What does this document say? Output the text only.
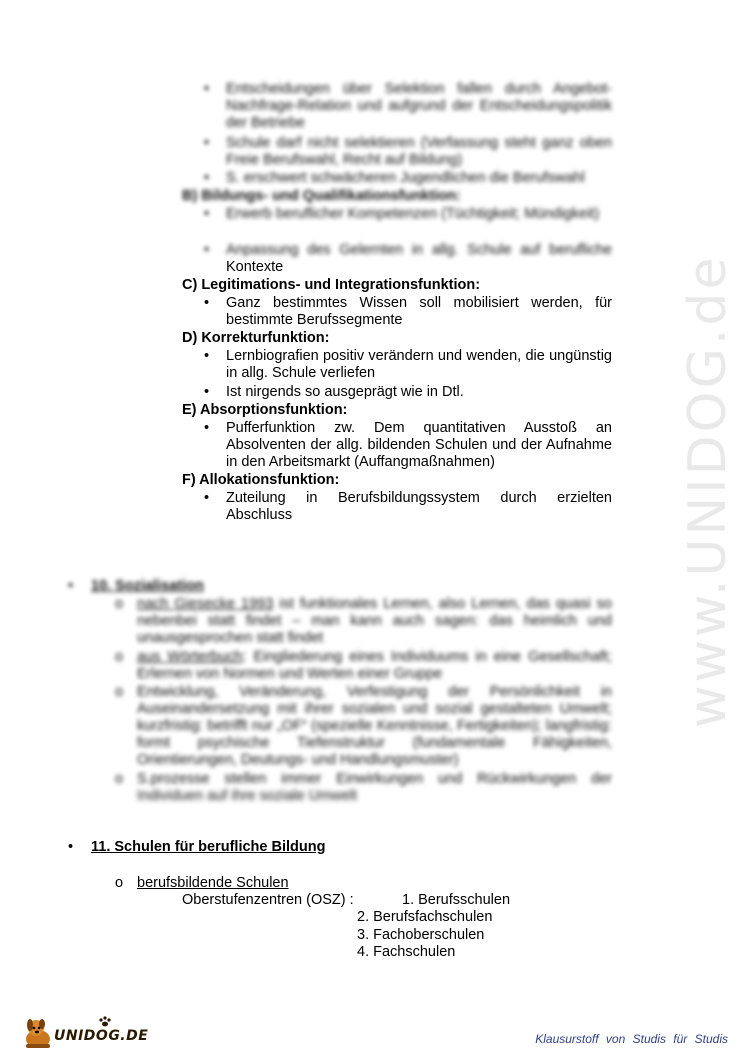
www.UNIDOG.de
• Entscheidungen über Selektion fallen durch Angebot-Nachfrage-Relation und aufgrund der Entscheidungspolitik der Betriebe
• Schule darf nicht selektieren (Verfassung steht ganz oben Freie Berufswahl, Recht auf Bildung)
• S. erschwert schwächeren Jugendlichen die Berufswahl
B) Bildungs- und Qualifikationsfunktion:
• Erwerb beruflicher Kompetenzen (Tüchtigkeit; Mündigkeit)
• Anpassung des Gelernten in allg. Schule auf berufliche
Kontexte
C) Legitimations- und Integrationsfunktion:
• Ganz bestimmtes Wissen soll mobilisiert werden, für bestimmte Berufssegmente
D) Korrekturfunktion:
• Lernbiografien positiv verändern und wenden, die ungünstig in allg. Schule verliefen
• Ist nirgends so ausgeprägt wie in Dtl.
E) Absorptionsfunktion:
• Pufferfunktion zw. Dem quantitativen Ausstoß an Absolventen der allg. bildenden Schulen und der Aufnahme in den Arbeitsmarkt (Auffangmaßnahmen)
F) Allokationsfunktion:
• Zuteilung in Berufsbildungssystem durch erzielten Abschluss
• 10. Sozialisation
o nach Giesecke 1993 ist funktionales Lernen, also Lernen, das quasi so nebenbei statt findet – man kann auch sagen: das heimlich und unausgesprochen statt findet
o aus Wörterbuch: Eingliederung eines Individuums in eine Gesellschaft; Erlernen von Normen und Werten einer Gruppe
o Entwicklung, Veränderung, Verfestigung der Persönlichkeit in Auseinandersetzung mit ihrer sozialen und sozial gestalteten Umwelt; kurzfristig: betrifft nur „OF“ (spezielle Kenntnisse, Fertigkeiten); langfristig: formt psychische Tiefenstruktur (fundamentale Fähigkeiten, Orientierungen, Deutungs- und Handlungsmuster)
o S.prozesse stellen immer Einwirkungen und Rückwirkungen der
Individuen auf ihre soziale Umwelt
• 11. Schulen für berufliche Bildung
o berufsbildende Schulen
Oberstufenzentren (OSZ) :	1. Berufsschulen
2. Berufsfachschulen
3. Fachoberschulen
4. Fachschulen
UNIDOG.DE	Klausurstoff von Studis für Studis
